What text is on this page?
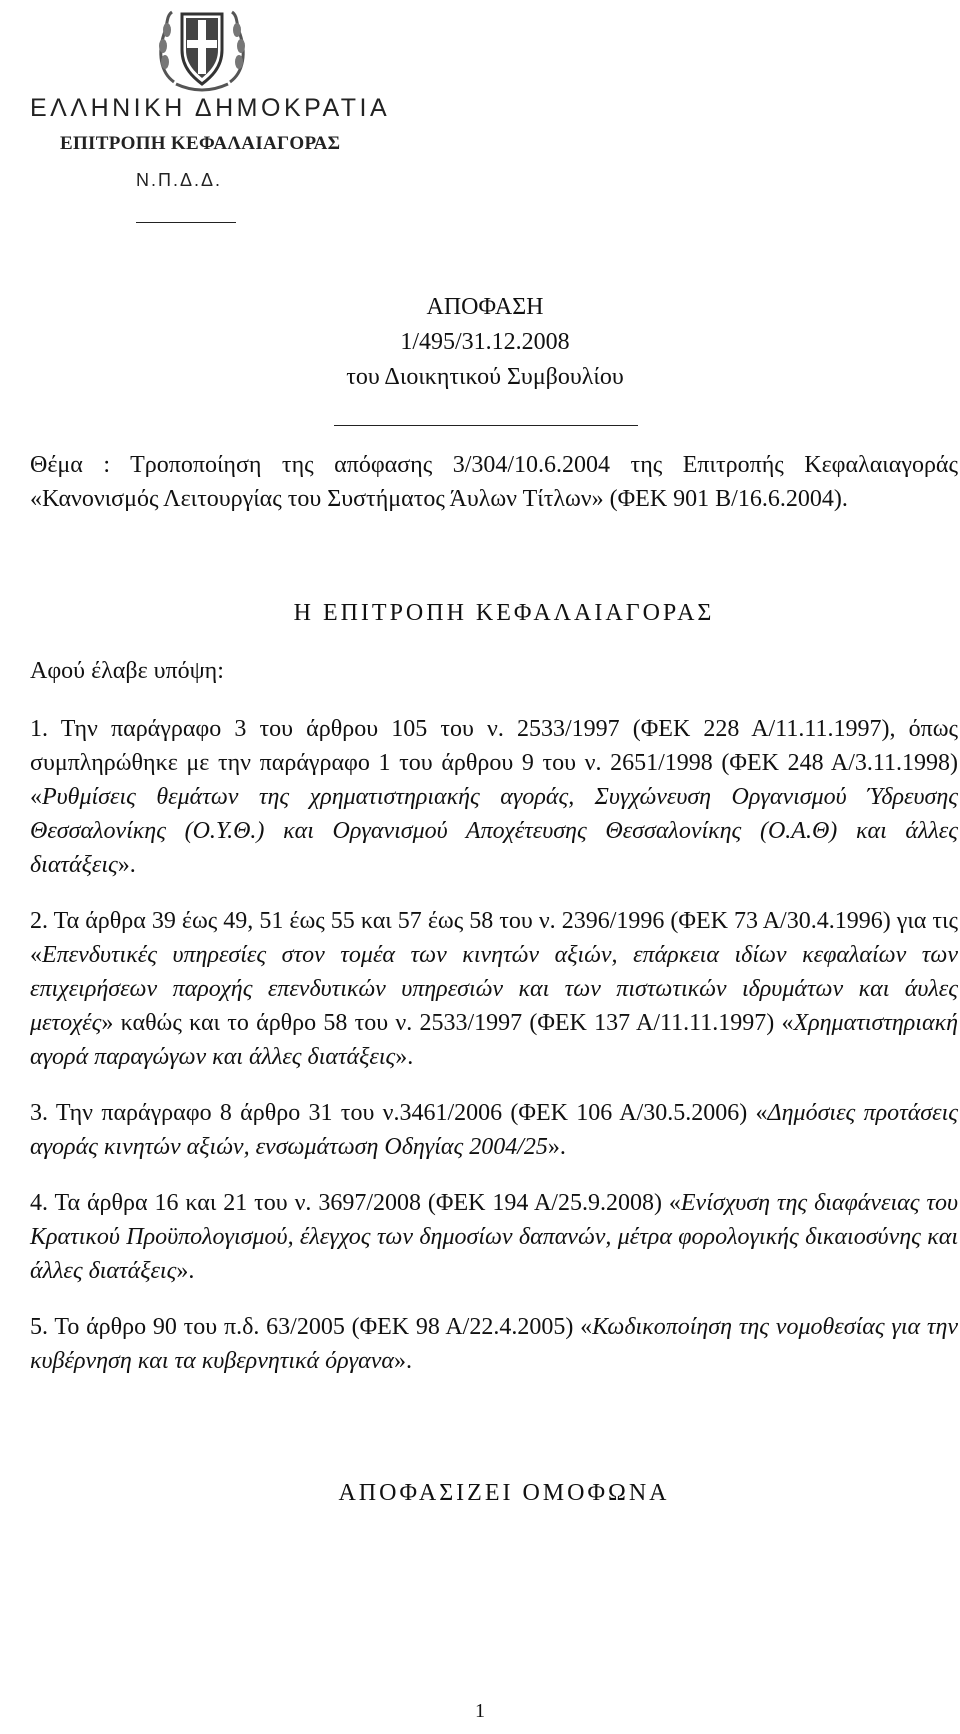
ΕΛΛΗΝΙΚΗ ΔΗΜΟΚΡΑΤΙΑ
ΕΠΙΤΡΟΠΗ ΚΕΦΑΛΑΙΑΓΟΡΑΣ
Ν.Π.Δ.Δ.
ΑΠΟΦΑΣΗ
1/495/31.12.2008
του Διοικητικού Συμβουλίου

Θέμα : Τροποποίηση της απόφασης 3/304/10.6.2004 της Επιτροπής Κεφαλαιαγοράς «Κανονισμός Λειτουργίας του Συστήματος Άυλων Τίτλων» (ΦΕΚ 901 Β/16.6.2004).

Η ΕΠΙΤΡΟΠΗ ΚΕΦΑΛΑΙΑΓΟΡΑΣ

Αφού έλαβε υπόψη:

1. Την παράγραφο 3 του άρθρου 105 του ν. 2533/1997 (ΦΕΚ 228 Α/11.11.1997), όπως συμπληρώθηκε με την παράγραφο 1 του άρθρου 9 του ν. 2651/1998 (ΦΕΚ 248 Α/3.11.1998) «Ρυθμίσεις θεμάτων της χρηματιστηριακής αγοράς, Συγχώνευση Οργανισμού Ύδρευσης Θεσσαλονίκης (Ο.Υ.Θ.) και Οργανισμού Αποχέτευσης Θεσσαλονίκης (Ο.Α.Θ) και άλλες διατάξεις».

2. Τα άρθρα 39 έως 49, 51 έως 55 και 57 έως 58 του ν. 2396/1996 (ΦΕΚ 73 Α/30.4.1996) για τις «Επενδυτικές υπηρεσίες στον τομέα των κινητών αξιών, επάρκεια ιδίων κεφαλαίων των επιχειρήσεων παροχής επενδυτικών υπηρεσιών και των πιστωτικών ιδρυμάτων και άυλες μετοχές» καθώς και το άρθρο 58 του ν. 2533/1997 (ΦΕΚ 137 Α/11.11.1997) «Χρηματιστηριακή αγορά παραγώγων και άλλες διατάξεις».

3. Την παράγραφο 8 άρθρο 31 του ν.3461/2006 (ΦΕΚ 106 Α/30.5.2006) «Δημόσιες προτάσεις αγοράς κινητών αξιών, ενσωμάτωση Οδηγίας 2004/25».

4. Τα άρθρα 16 και 21 του ν. 3697/2008 (ΦΕΚ 194 Α/25.9.2008) «Ενίσχυση της διαφάνειας του Κρατικού Προϋπολογισμού, έλεγχος των δημοσίων δαπανών, μέτρα φορολογικής δικαιοσύνης και άλλες διατάξεις».

5. Το άρθρο 90 του π.δ. 63/2005 (ΦΕΚ 98 Α/22.4.2005) «Κωδικοποίηση της νομοθεσίας για την κυβέρνηση και τα κυβερνητικά όργανα».

ΑΠΟΦΑΣΙΖΕΙ ΟΜΟΦΩΝΑ

1
